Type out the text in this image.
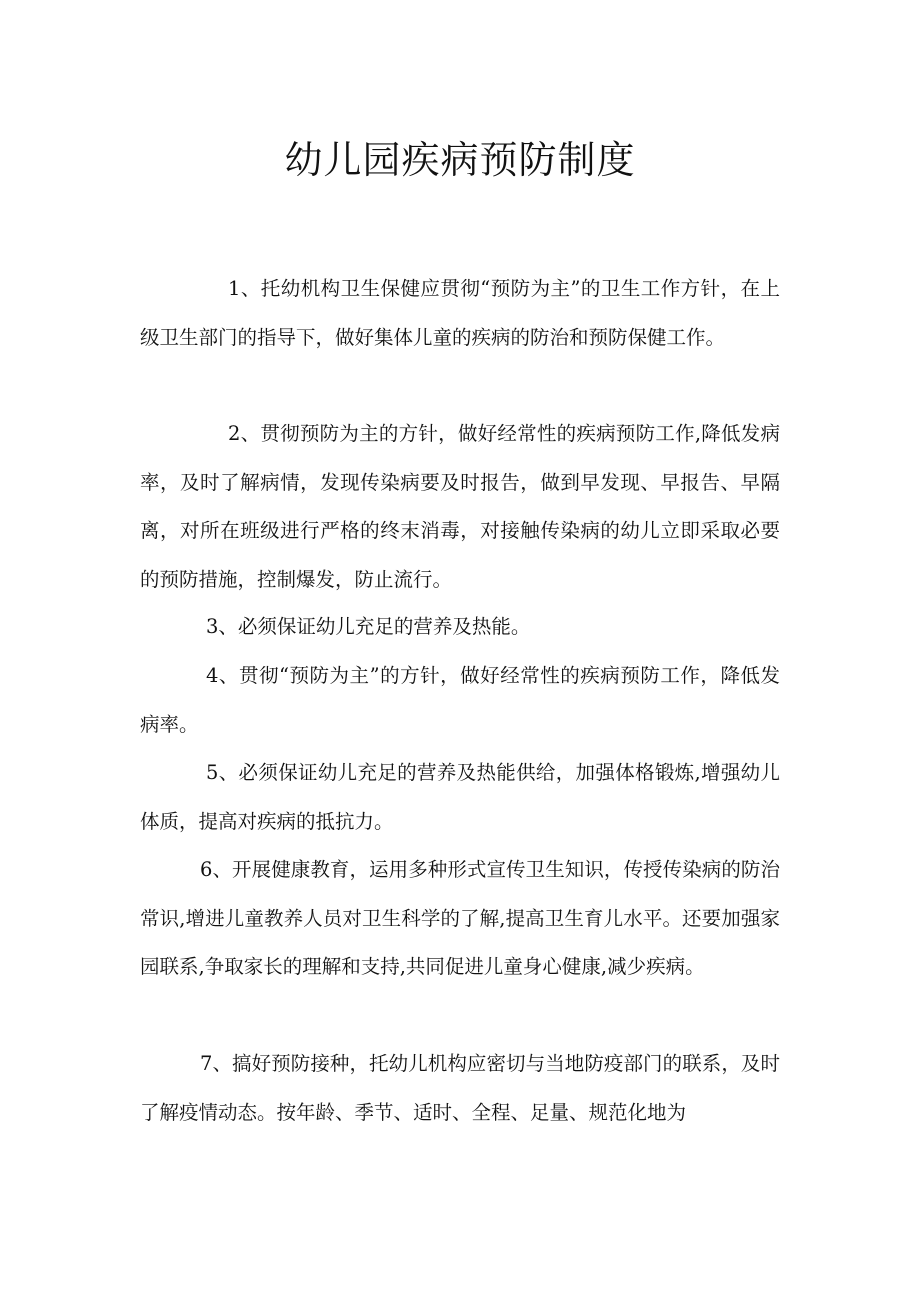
幼儿园疾病预防制度

1、托幼机构卫生保健应贯彻“预防为主”的卫生工作方针，在上级卫生部门的指导下，做好集体儿童的疾病的防治和预防保健工作。

2、贯彻预防为主的方针，做好经常性的疾病预防工作,降低发病率，及时了解病情，发现传染病要及时报告，做到早发现、早报告、早隔离，对所在班级进行严格的终末消毒，对接触传染病的幼儿立即采取必要的预防措施，控制爆发，防止流行。

3、必须保证幼儿充足的营养及热能。

4、贯彻“预防为主”的方针，做好经常性的疾病预防工作，降低发病率。

5、必须保证幼儿充足的营养及热能供给，加强体格锻炼,增强幼儿体质，提高对疾病的抵抗力。

6、开展健康教育，运用多种形式宣传卫生知识，传授传染病的防治常识,增进儿童教养人员对卫生科学的了解,提高卫生育儿水平。还要加强家园联系,争取家长的理解和支持,共同促进儿童身心健康,减少疾病。

7、搞好预防接种，托幼儿机构应密切与当地防疫部门的联系，及时了解疫情动态。按年龄、季节、适时、全程、足量、规范化地为
